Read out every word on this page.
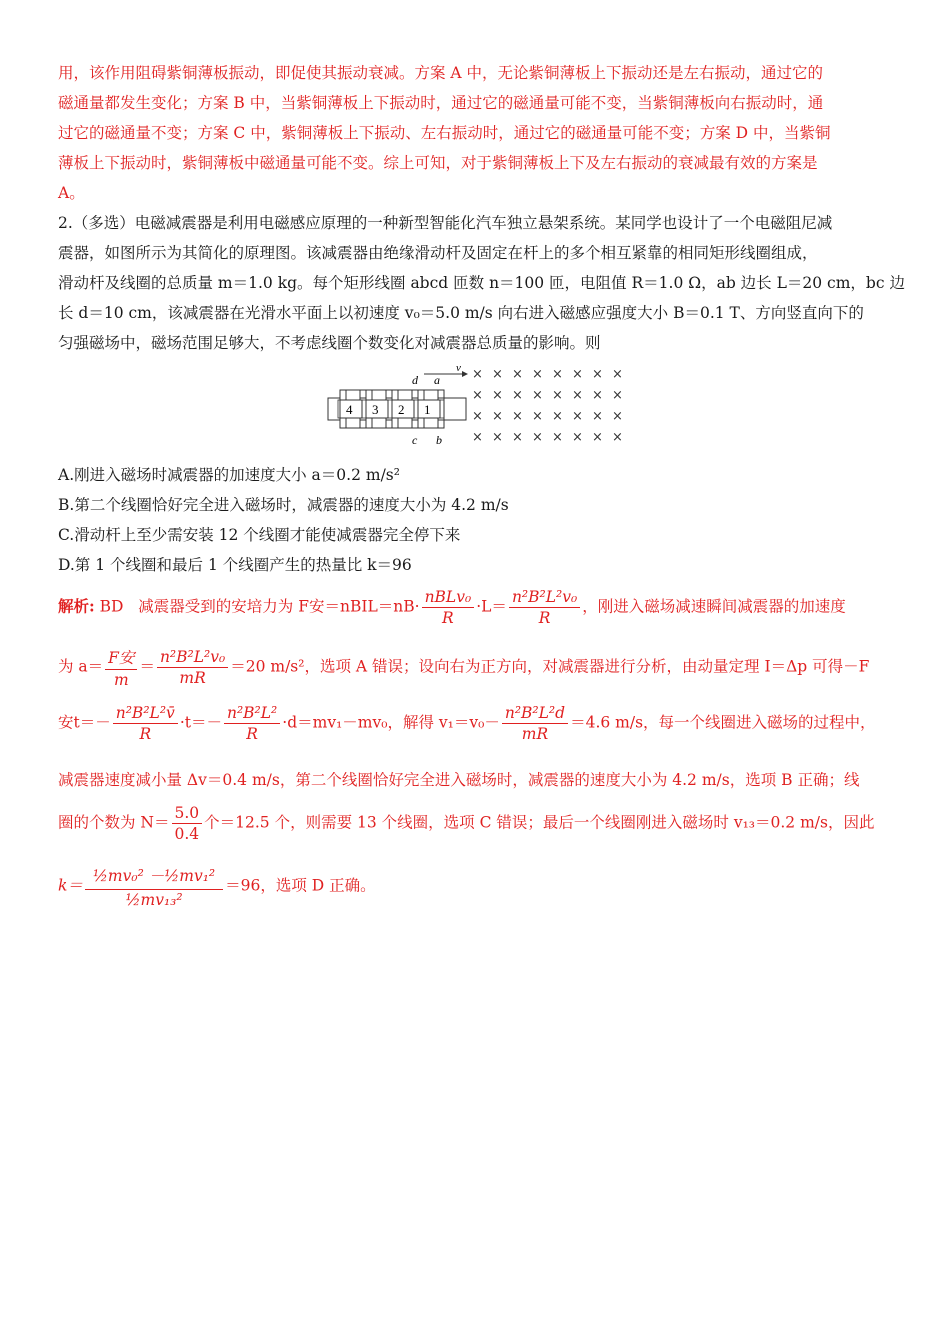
用，该作用阻碍紫铜薄板振动，即促使其振动衰减。方案 A 中，无论紫铜薄板上下振动还是左右振动，通过它的
磁通量都发生变化；方案 B 中，当紫铜薄板上下振动时，通过它的磁通量可能不变，当紫铜薄板向右振动时，通
过它的磁通量不变；方案 C 中，紫铜薄板上下振动、左右振动时，通过它的磁通量可能不变；方案 D 中，当紫铜
薄板上下振动时，紫铜薄板中磁通量可能不变。综上可知，对于紫铜薄板上下及左右振动的衰减最有效的方案是
A。
2.（多选）电磁减震器是利用电磁感应原理的一种新型智能化汽车独立悬架系统。某同学也设计了一个电磁阻尼减
震器，如图所示为其简化的原理图。该减震器由绝缘滑动杆及固定在杆上的多个相互紧靠的相同矩形线圈组成，
滑动杆及线圈的总质量 m＝1.0 kg。每个矩形线圈 abcd 匝数 n＝100 匝，电阻值 R＝1.0 Ω，ab 边长 L＝20 cm，bc 边
长 d＝10 cm，该减震器在光滑水平面上以初速度 v₀＝5.0 m/s 向右进入磁感应强度大小 B＝0.1 T、方向竖直向下的
匀强磁场中，磁场范围足够大，不考虑线圈个数变化对减震器总质量的影响。则
4 3 2 1
d a
c b
v × × × × × × × ×
× × × × × × × ×
× × × × × × × ×
× × × × × × × ×
A.刚进入磁场时减震器的加速度大小 a＝0.2 m/s²
B.第二个线圈恰好完全进入磁场时，减震器的速度大小为 4.2 m/s
C.滑动杆上至少需安装 12 个线圈才能使减震器完全停下来
D.第 1 个线圈和最后 1 个线圈产生的热量比 k＝96
解析: BD 减震器受到的安培力为 F安＝nBIL＝nB· $\frac{\text{nBLv₀}}{R} \cdot L= \frac{\text{n²B²L²v₀}}{R}$ ，刚进入磁场减速瞬间减震器的加速度
为 $a= \frac{\text{F安}}{m} = \frac{\text{n²B²L²v₀}}{mR} =20$ m/s²，选项 A 错误；设向右为正方向，对减震器进行分析，由动量定理 I＝Δp 可得－F
安$t=- \frac{\text{n²B²L²v̄}}{R} \cdot t=- \frac{\text{n²B²L²}}{R} \cdot d=mv_1-mv_0$，解得 $v_1=v_0- \frac{\text{n²B²L²d}}{mR} =4.6$ m/s，每一个线圈进入磁场的过程中，
减震器速度减小量 Δv＝0.4 m/s，第二个线圈恰好完全进入磁场时，减震器的速度大小为 4.2 m/s，选项 B 正确；线
圈的个数为 $N= \frac{5.0}{0.4}$ 个＝12.5 个，则需要 13 个线圈，选项 C 错误；最后一个线圈刚进入磁场时 v₁₃＝0.2 m/s，因此
$k= \frac{\text{½mv₀² －½mv₁²}}{\text{½mv₁₃²}} =96$，选项 D 正确。
